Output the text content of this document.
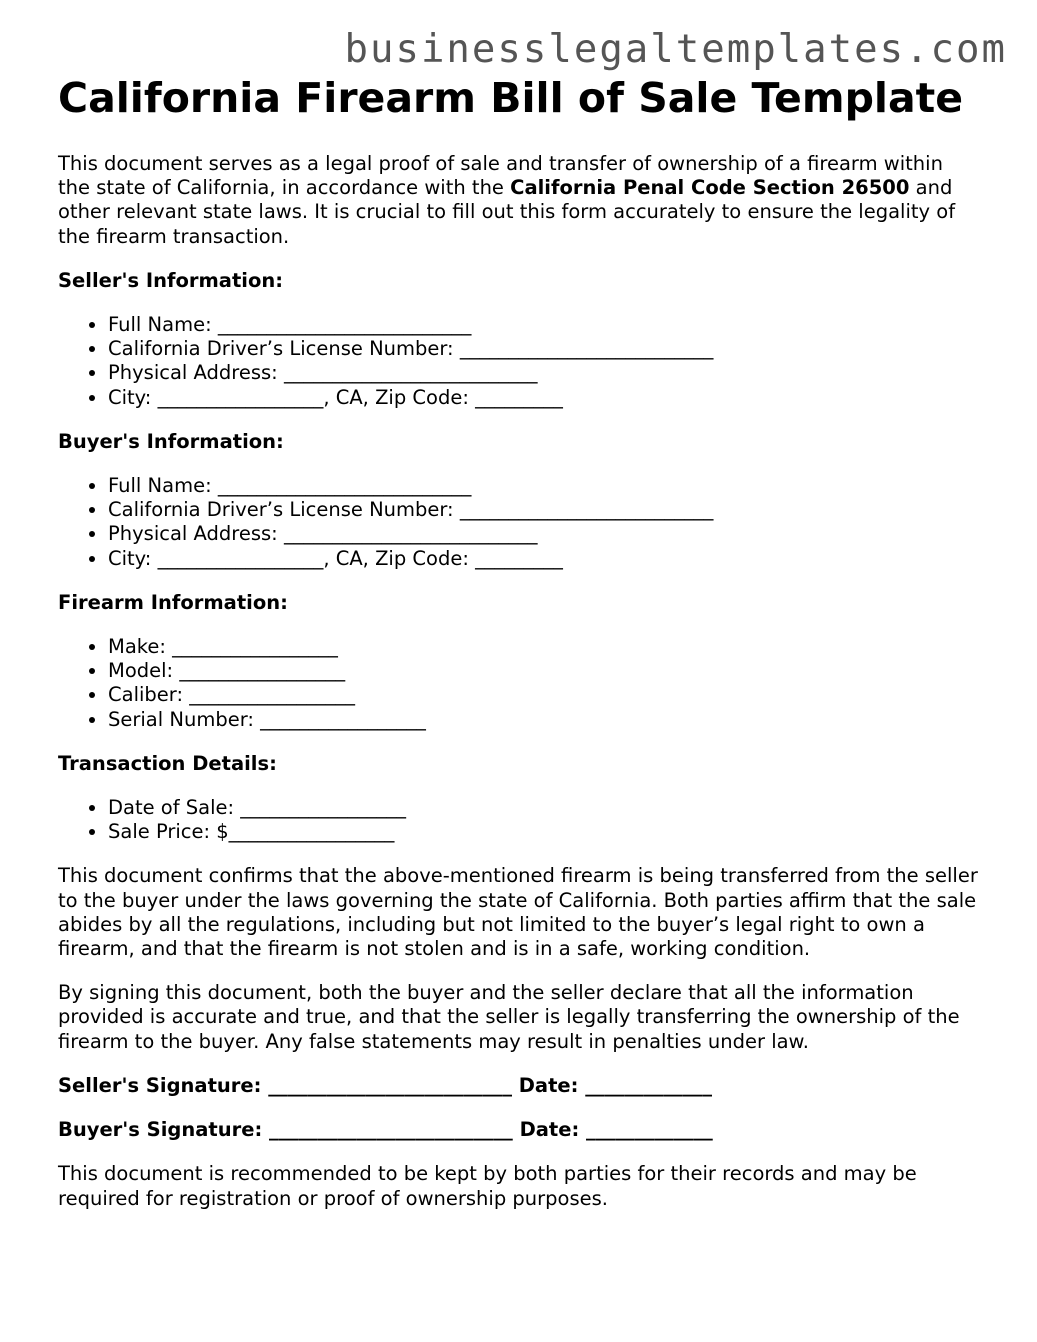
businesslegaltemplates.com
California Firearm Bill of Sale Template

This document serves as a legal proof of sale and transfer of ownership of a firearm within the state of California, in accordance with the California Penal Code Section 26500 and other relevant state laws. It is crucial to fill out this form accurately to ensure the legality of the firearm transaction.

Seller's Information:
• Full Name: __________________________
• California Driver’s License Number: __________________________
• Physical Address: __________________________
• City: _________________, CA, Zip Code: _________
Buyer's Information:
• Full Name: __________________________
• California Driver’s License Number: __________________________
• Physical Address: __________________________
• City: _________________, CA, Zip Code: _________
Firearm Information:
• Make: _________________
• Model: _________________
• Caliber: _________________
• Serial Number: _________________
Transaction Details:
• Date of Sale: _________________
• Sale Price: $_________________

This document confirms that the above-mentioned firearm is being transferred from the seller to the buyer under the laws governing the state of California. Both parties affirm that the sale abides by all the regulations, including but not limited to the buyer’s legal right to own a firearm, and that the firearm is not stolen and is in a safe, working condition.

By signing this document, both the buyer and the seller declare that all the information provided is accurate and true, and that the seller is legally transferring the ownership of the firearm to the buyer. Any false statements may result in penalties under law.

Seller's Signature: _________________________ Date: _____________
Buyer's Signature: _________________________ Date: _____________

This document is recommended to be kept by both parties for their records and may be required for registration or proof of ownership purposes.
